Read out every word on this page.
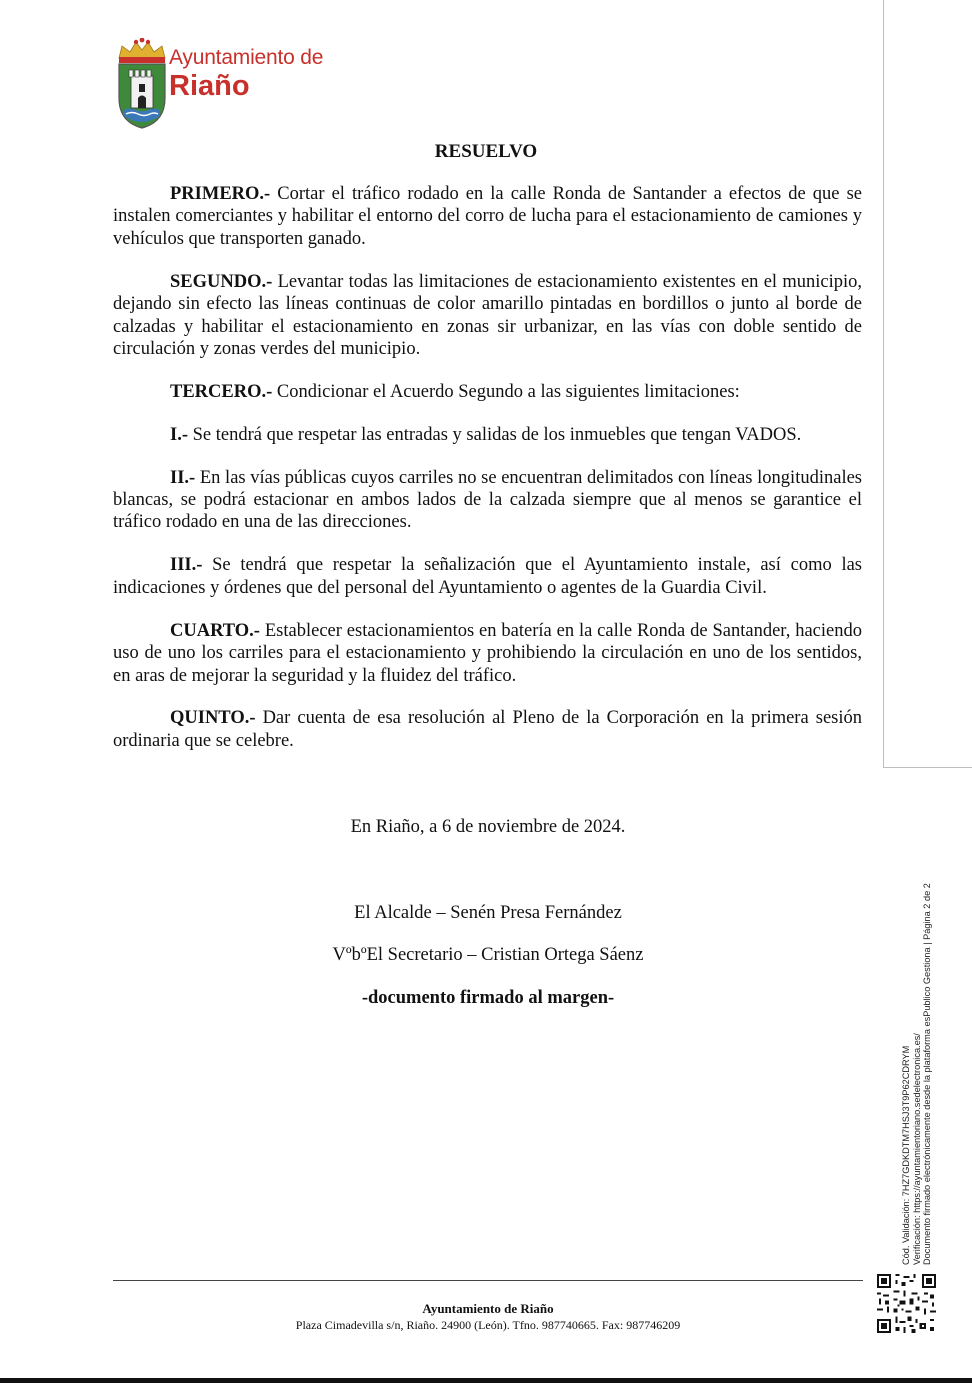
Ayuntamiento de
Riaño
RESUELVO

PRIMERO.- Cortar el tráfico rodado en la calle Ronda de Santander a efectos de que se instalen comerciantes y habilitar el entorno del corro de lucha para el estacionamiento de camiones y vehículos que transporten ganado.

SEGUNDO.- Levantar todas las limitaciones de estacionamiento existentes en el municipio, dejando sin efecto las líneas continuas de color amarillo pintadas en bordillos o junto al borde de calzadas y habilitar el estacionamiento en zonas sir urbanizar, en las vías con doble sentido de circulación y zonas verdes del municipio.

TERCERO.- Condicionar el Acuerdo Segundo a las siguientes limitaciones:

I.- Se tendrá que respetar las entradas y salidas de los inmuebles que tengan VADOS.

II.- En las vías públicas cuyos carriles no se encuentran delimitados con líneas longitudinales blancas, se podrá estacionar en ambos lados de la calzada siempre que al menos se garantice el tráfico rodado en una de las direcciones.

III.- Se tendrá que respetar la señalización que el Ayuntamiento instale, así como las indicaciones y órdenes que del personal del Ayuntamiento o agentes de la Guardia Civil.

CUARTO.- Establecer estacionamientos en batería en la calle Ronda de Santander, haciendo uso de uno los carriles para el estacionamiento y prohibiendo la circulación en uno de los sentidos, en aras de mejorar la seguridad y la fluidez del tráfico.

QUINTO.- Dar cuenta de esa resolución al Pleno de la Corporación en la primera sesión ordinaria que se celebre.

En Riaño, a 6 de noviembre de 2024.
El Alcalde – Senén Presa Fernández
VºbºEl Secretario – Cristian Ortega Sáenz
-documento firmado al margen-
Cód. Validación: 7HZ7GDKDTM7HSJ3T9P62CDRYM Verificación: https://ayuntamientoriano.sedelectronica.es/ Documento firmado electrónicamente desde la plataforma esPublico Gestiona | Página 2 de 2
Ayuntamiento de Riaño
Plaza Cimadevilla s/n, Riaño. 24900 (León). Tfno. 987740665. Fax: 987746209
